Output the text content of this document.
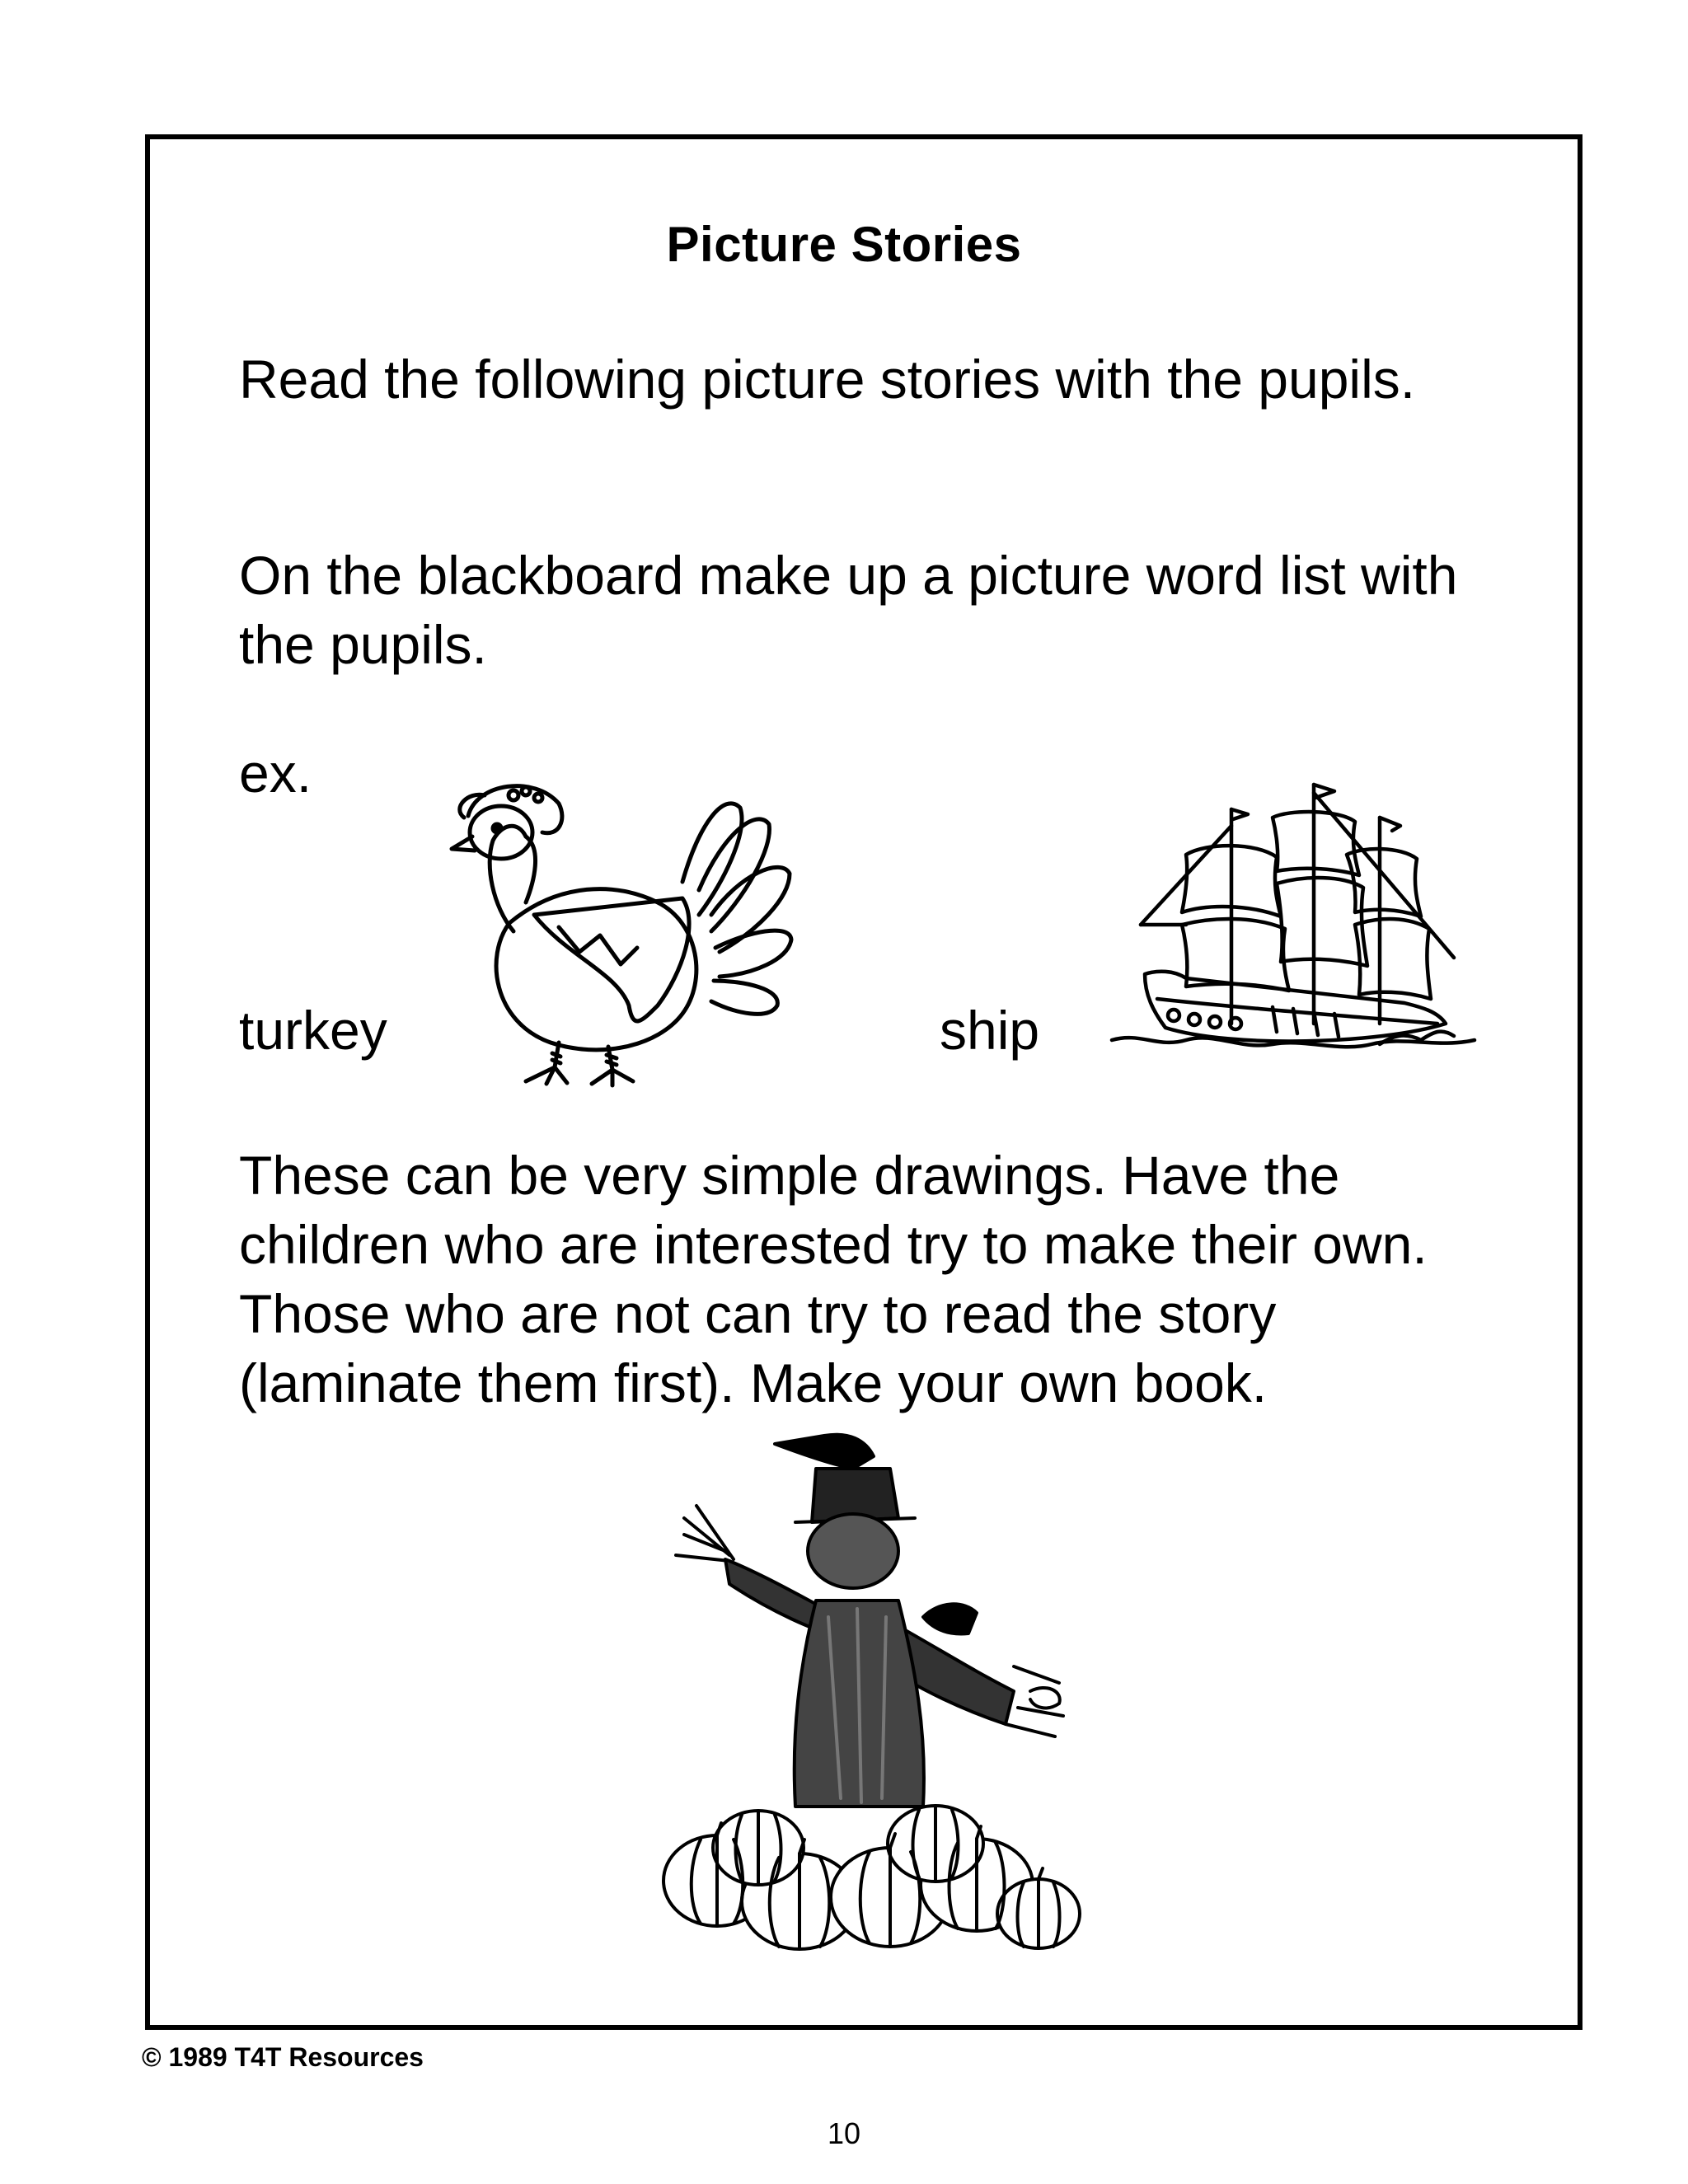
Picture Stories
Read the following picture stories with the pupils.
On the blackboard make up a picture word list with the pupils.
ex.
turkey	ship
These can be very simple drawings. Have the children who are interested try to make their own. Those who are not can try to read the story (laminate them first). Make your own book.
© 1989 T4T Resources
10
